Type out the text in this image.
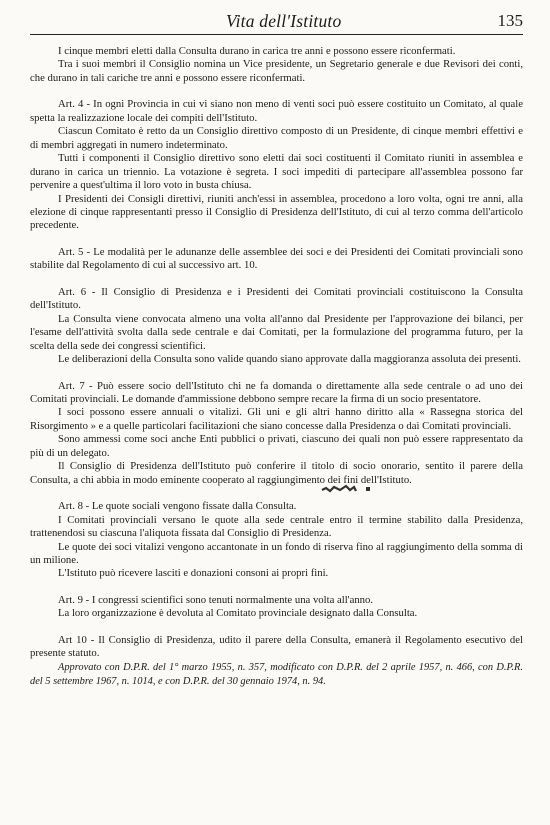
Vita dell'Istituto	135

I cinque membri eletti dalla Consulta durano in carica tre anni e possono essere riconfermati.

Tra i suoi membri il Consiglio nomina un Vice presidente, un Segretario generale e due Revisori dei conti, che durano in tali cariche tre anni e possono essere riconfermati.

Art. 4 - In ogni Provincia in cui vi siano non meno di venti soci può essere costituito un Comitato, al quale spetta la realizzazione locale dei compiti dell'Istituto.

Ciascun Comitato è retto da un Consiglio direttivo composto di un Presidente, di cinque membri effettivi e di membri aggregati in numero indeterminato.

Tutti i componenti il Consiglio direttivo sono eletti dai soci costituenti il Comitato riuniti in assemblea e durano in carica un triennio. La votazione è segreta. I soci impediti di partecipare all'assemblea possono far pervenire a quest'ultima il loro voto in busta chiusa.

I Presidenti dei Consigli direttivi, riuniti anch'essi in assemblea, procedono a loro volta, ogni tre anni, alla elezione di cinque rappresentanti presso il Consiglio di Presidenza dell'Istituto, di cui al terzo comma dell'articolo precedente.

Art. 5 - Le modalità per le adunanze delle assemblee dei soci e dei Presidenti dei Comitati provinciali sono stabilite dal Regolamento di cui al successivo art. 10.

Art. 6 - Il Consiglio di Presidenza e i Presidenti dei Comitati provinciali costituiscono la Consulta dell'Istituto.

La Consulta viene convocata almeno una volta all'anno dal Presidente per l'approvazione dei bilanci, per l'esame dell'attività svolta dalla sede centrale e dai Comitati, per la formulazione del programma futuro, per la scelta della sede dei congressi scientifici.

Le deliberazioni della Consulta sono valide quando siano approvate dalla maggioranza assoluta dei presenti.

Art. 7 - Può essere socio dell'Istituto chi ne fa domanda o direttamente alla sede centrale o ad uno dei Comitati provinciali. Le domande d'ammissione debbono sempre recare la firma di un socio presentatore.

I soci possono essere annuali o vitalizi. Gli uni e gli altri hanno diritto alla « Rassegna storica del Risorgimento » e a quelle particolari facilitazioni che siano concesse dalla Presidenza o dai Comitati provinciali.

Sono ammessi come soci anche Enti pubblici o privati, ciascuno dei quali non può essere rappresentato da più di un delegato.

Il Consiglio di Presidenza dell'Istituto può conferire il titolo di socio onorario, sentito il parere della Consulta, a chi abbia in modo eminente cooperato al raggiungimento dei fini dell'Istituto.

Art. 8 - Le quote sociali vengono fissate dalla Consulta.

I Comitati provinciali versano le quote alla sede centrale entro il termine stabilito dalla Presidenza, trattenendosi su ciascuna l'aliquota fissata dal Consiglio di Presidenza.

Le quote dei soci vitalizi vengono accantonate in un fondo di riserva fino al raggiungimento della somma di un milione.

L'Istituto può ricevere lasciti e donazioni consoni ai propri fini.

Art. 9 - I congressi scientifici sono tenuti normalmente una volta all'anno.

La loro organizzazione è devoluta al Comitato provinciale designato dalla Consulta.

Art 10 - Il Consiglio di Presidenza, udito il parere della Consulta, emanerà il Regolamento esecutivo del presente statuto.

Approvato con D.P.R. del 1° marzo 1955, n. 357, modificato con D.P.R. del 2 aprile 1957, n. 466, con D.P.R. del 5 settembre 1967, n. 1014, e con D.P.R. del 30 gennaio 1974, n. 94.
